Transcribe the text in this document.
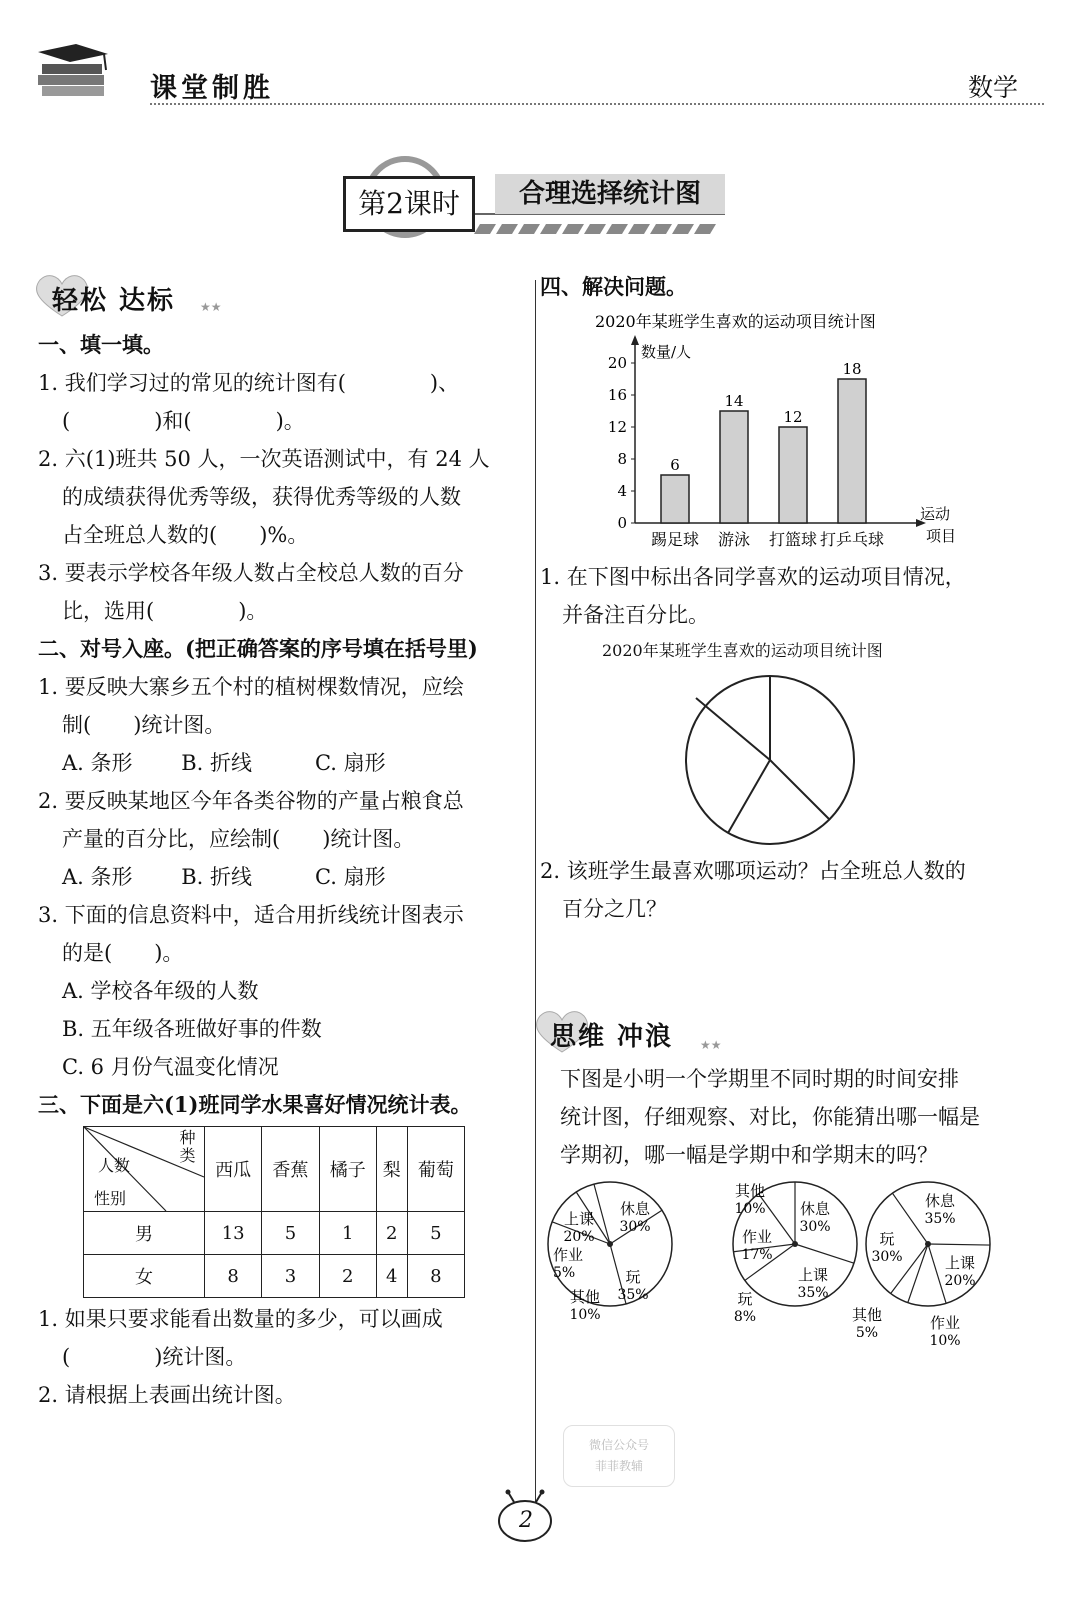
课堂制胜	数学
第2课时	合理选择统计图
轻松 达标 ★★
一、填一填。
1. 我们学习过的常见的统计图有(　　　　)、
(　　　　)和(　　　　)。
2. 六(1)班共 50 人，一次英语测试中，有 24 人
的成绩获得优秀等级，获得优秀等级的人数
占全班总人数的(　　)%。
3. 要表示学校各年级人数占全校总人数的百分
比，选用(　　　　)。
二、对号入座。(把正确答案的序号填在括号里)
1. 要反映大寨乡五个村的植树棵数情况，应绘
制(　　)统计图。
A. 条形　　 B. 折线　　　C. 扇形
2. 要反映某地区今年各类谷物的产量占粮食总
产量的百分比，应绘制(　　)统计图。
A. 条形　　 B. 折线　　　C. 扇形
3. 下面的信息资料中，适合用折线统计图表示
的是(　　)。
A. 学校各年级的人数
B. 五年级各班做好事的件数
C. 6 月份气温变化情况
三、下面是六(1)班同学水果喜好情况统计表。
种类
人数
性别	西瓜	香蕉	橘子	梨	葡萄
男	13	5	1	2	5
女	8	3	2	4	8
1. 如果只要求能看出数量的多少，可以画成
(　　　　)统计图。
2. 请根据上表画出统计图。
四、解决问题。
2020年某班学生喜欢的运动项目统计图
数量/人
运动
项目
0
4
8
12
16
20
6
踢足球
14
游泳
12
打篮球
18
打乒乓球
1. 在下图中标出各同学喜欢的运动项目情况，
并备注百分比。
2020年某班学生喜欢的运动项目统计图
2. 该班学生最喜欢哪项运动？占全班总人数的
百分之几？
思维 冲浪 ★★
下图是小明一个学期里不同时期的时间安排
统计图，仔细观察、对比，你能猜出哪一幅是
学期初，哪一幅是学期中和学期末的吗？
上课
20%
休息
30%
玩
35%
其他
10%
作业
5%
休息
30%
上课
35%
玩
8%
作业
17%
其他
10%	休息
35%
上课
20%
作业
10%
其他
5%
玩
30%
微信公众号
菲菲教辅
2
